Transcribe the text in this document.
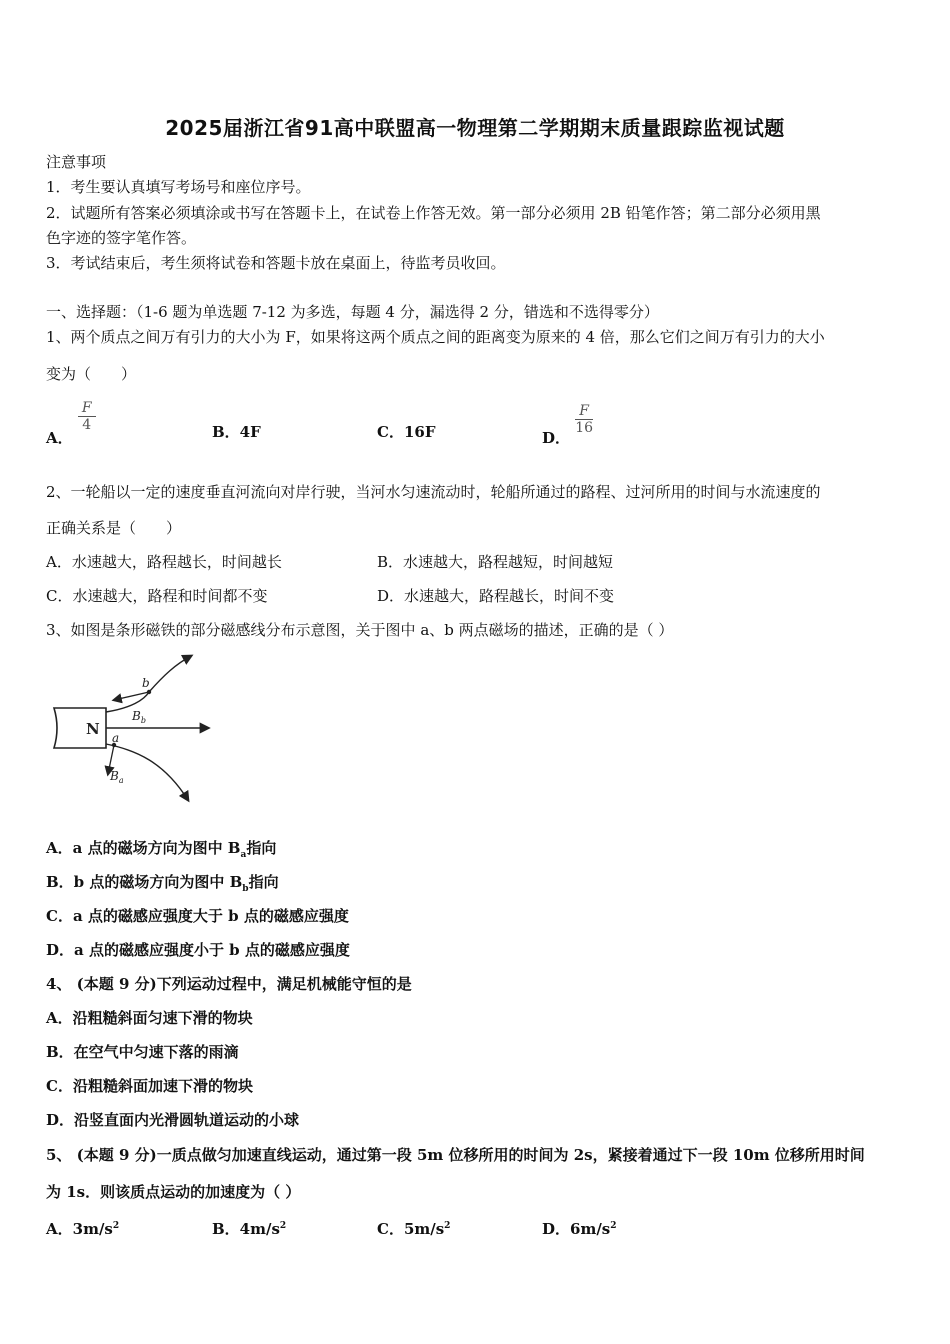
2025届浙江省91高中联盟高一物理第二学期期末质量跟踪监视试题
注意事项
1．考生要认真填写考场号和座位序号。
2．试题所有答案必须填涂或书写在答题卡上，在试卷上作答无效。第一部分必须用 2B 铅笔作答；第二部分必须用黑
色字迹的签字笔作答。
3．考试结束后，考生须将试卷和答题卡放在桌面上，待监考员收回。
一、选择题：（1-6 题为单选题 7-12 为多选，每题 4 分，漏选得 2 分，错选和不选得零分）
1、两个质点之间万有引力的大小为 F，如果将这两个质点之间的距离变为原来的 4 倍，那么它们之间万有引力的大小
变为（　　）
A．
$\frac{F}{4}$	B．4F	C．16F	D．
$\frac{F}{16}$
2、一轮船以一定的速度垂直河流向对岸行驶，当河水匀速流动时，轮船所通过的路程、过河所用的时间与水流速度的
正确关系是（　　）
A．水速越大，路程越长，时间越长	B．水速越大，路程越短，时间越短
C．水速越大，路程和时间都不变	D．水速越大，路程越长，时间不变
3、如图是条形磁铁的部分磁感线分布示意图，关于图中 a、b 两点磁场的描述，正确的是（ ）
N
b
a
$B_b$
$B_a$
A．a 点的磁场方向为图中 $B_a$指向
B．b 点的磁场方向为图中 $B_b$指向
C．a 点的磁感应强度大于 b 点的磁感应强度
D．a 点的磁感应强度小于 b 点的磁感应强度
4、 (本题 9 分)下列运动过程中，满足机械能守恒的是
A．沿粗糙斜面匀速下滑的物块
B．在空气中匀速下落的雨滴
C．沿粗糙斜面加速下滑的物块
D．沿竖直面内光滑圆轨道运动的小球
5、 (本题 9 分)一质点做匀加速直线运动，通过第一段 5m 位移所用的时间为 2s，紧接着通过下一段 10m 位移所用时间
为 1s．则该质点运动的加速度为（ ）
A．$3m/s^2$	B．$4m/s^2$	C．$5m/s^2$	D．$6m/s^2$
